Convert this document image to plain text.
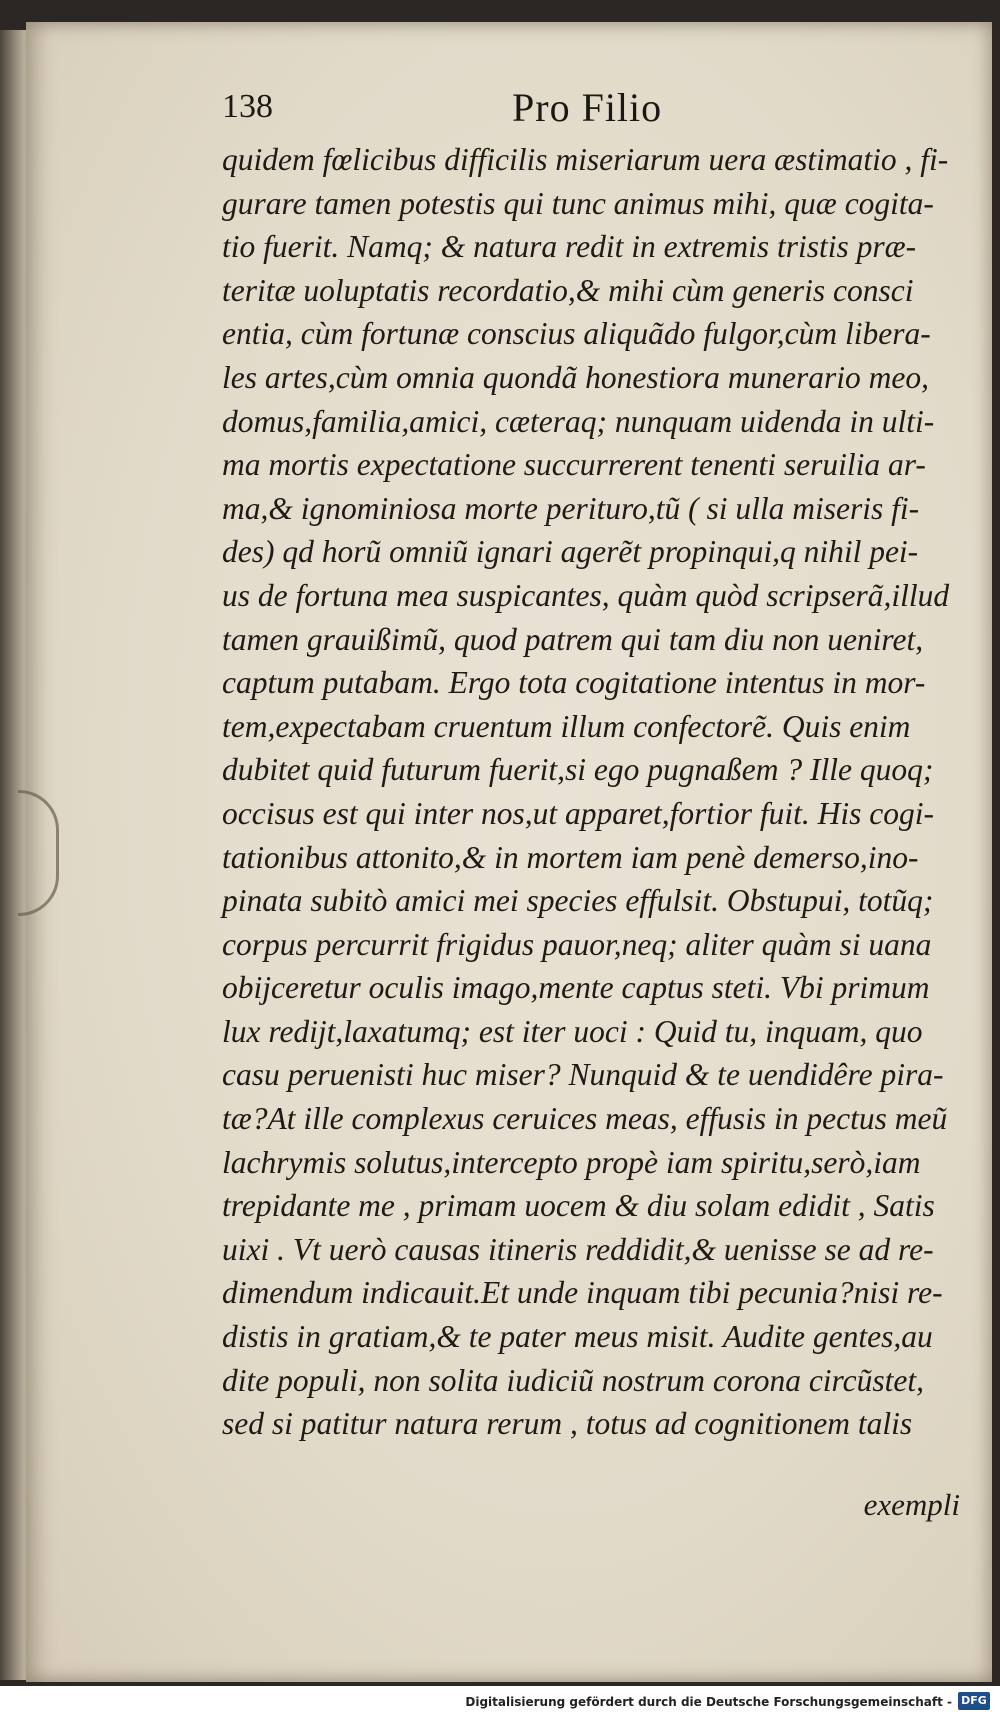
138	Pro Filio
quidem fœlicibus difficilis miseriarum uera æstimatio , fi-
gurare tamen potestis qui tunc animus mihi, quæ cogita-
tio fuerit. Namq; & natura redit in extremis tristis præ-
teritæ uoluptatis recordatio,& mihi cùm generis consci
entia, cùm fortunæ conscius aliquãdo fulgor,cùm libera-
les artes,cùm omnia quondã honestiora munerario meo,
domus,familia,amici, cæteraq; nunquam uidenda in ulti-
ma mortis expectatione succurrerent tenenti seruilia ar-
ma,& ignominiosa morte perituro,tũ ( si ulla miseris fi-
des) qd horũ omniũ ignari agerẽt propinqui,q nihil pei-
us de fortuna mea suspicantes, quàm quòd scripserã,illud
tamen grauißimũ, quod patrem qui tam diu non ueniret,
captum putabam. Ergo tota cogitatione intentus in mor-
tem,expectabam cruentum illum confectorẽ. Quis enim
dubitet quid futurum fuerit,si ego pugnaßem ? Ille quoq;
occisus est qui inter nos,ut apparet,fortior fuit. His cogi-
tationibus attonito,& in mortem iam penè demerso,ino-
pinata subitò amici mei species effulsit. Obstupui, totũq;
corpus percurrit frigidus pauor,neq; aliter quàm si uana
obijceretur oculis imago,mente captus steti. Vbi primum
lux redijt,laxatumq; est iter uoci : Quid tu, inquam, quo
casu peruenisti huc miser? Nunquid & te uendidêre pira-
tæ?At ille complexus ceruices meas, effusis in pectus meũ
lachrymis solutus,intercepto propè iam spiritu,serò,iam
trepidante me , primam uocem & diu solam edidit , Satis
uixi . Vt uerò causas itineris reddidit,& uenisse se ad re-
dimendum indicauit.Et unde inquam tibi pecunia?nisi re-
distis in gratiam,& te pater meus misit. Audite gentes,au
dite populi, non solita iudiciũ nostrum corona circũstet,
sed si patitur natura rerum , totus ad cognitionem talis
exempli
Digitalisierung gefördert durch die Deutsche Forschungsgemeinschaft - DFG
